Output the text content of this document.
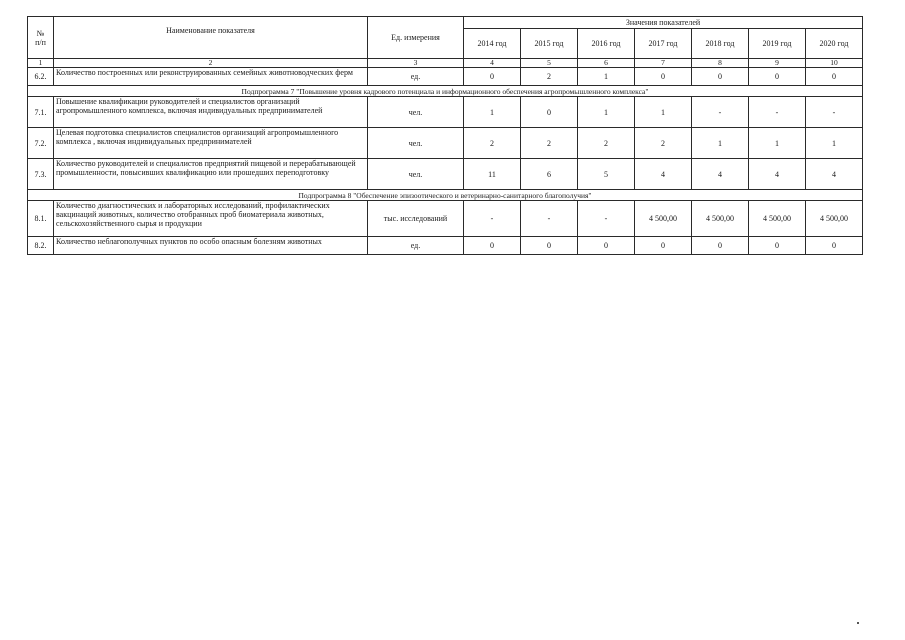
№
п/п	Наименование показателя	Ед. измерения	Значения показателей						
			2014 год	2015 год	2016 год	2017 год	2018 год	2019 год	2020 год
1	2	3	4	5	6	7	8	9	10
6.2.	Количество построенных или реконструированных семейных животноводческих ферм	ед.	0	2	1	0	0	0	0
Подпрограмма 7 "Повышение уровня кадрового потенциала и информационного обеспечения агропромышленного комплекса"									
7.1.	Повышение квалификации руководителей и специалистов организаций агропромышленного комплекса, включая индивидуальных предпринимателей	чел.	1	0	1	1	-	-	-
7.2.	Целевая подготовка специалистов специалистов организаций агропромышленного комплекса , включая индивидуальных предпринимателей	чел.	2	2	2	2	1	1	1
7.3.	Количество руководителей и специалистов предприятий пищевой и перерабатывающей промышленности, повысивших квалификацию или прошедших переподготовку	чел.	11	6	5	4	4	4	4
Подпрограмма 8 "Обеспечение эпизоотического и ветеринарно-санитарного благополучия"									
8.1.	Количество диагностических и лабораторных исследований, профилактических вакцинаций животных, количество отобранных проб биоматериала животных, сельскохозяйственного сырья и продукции	тыс. исследований	-	-	-	4 500,00	4 500,00	4 500,00	4 500,00
8.2.	Количество неблагополучных пунктов по особо опасным болезням животных	ед.	0	0	0	0	0	0	0
